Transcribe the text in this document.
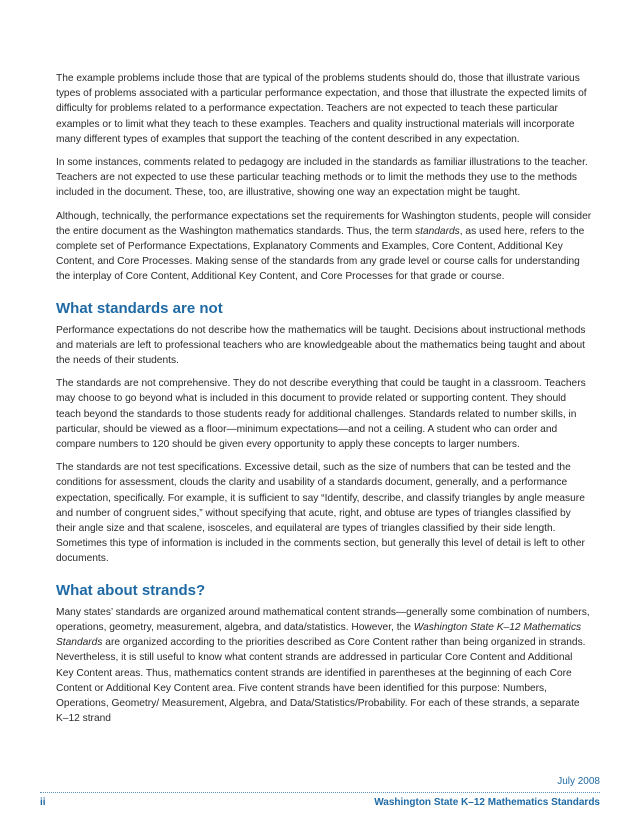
The example problems include those that are typical of the problems students should do, those that illustrate various types of problems associated with a particular performance expectation, and those that illustrate the expected limits of difficulty for problems related to a performance expectation. Teachers are not expected to teach these particular examples or to limit what they teach to these examples. Teachers and quality instructional materials will incorporate many different types of examples that support the teaching of the content described in any expectation.

In some instances, comments related to pedagogy are included in the standards as familiar illustrations to the teacher. Teachers are not expected to use these particular teaching methods or to limit the methods they use to the methods included in the document. These, too, are illustrative, showing one way an expectation might be taught.

Although, technically, the performance expectations set the requirements for Washington students, people will consider the entire document as the Washington mathematics standards. Thus, the term standards, as used here, refers to the complete set of Performance Expectations, Explanatory Comments and Examples, Core Content, Additional Key Content, and Core Processes. Making sense of the standards from any grade level or course calls for understanding the interplay of Core Content, Additional Key Content, and Core Processes for that grade or course.

What standards are not

Performance expectations do not describe how the mathematics will be taught. Decisions about instructional methods and materials are left to professional teachers who are knowledgeable about the mathematics being taught and about the needs of their students.

The standards are not comprehensive. They do not describe everything that could be taught in a classroom. Teachers may choose to go beyond what is included in this document to provide related or supporting content. They should teach beyond the standards to those students ready for additional challenges. Standards related to number skills, in particular, should be viewed as a floor—minimum expectations—and not a ceiling. A student who can order and compare numbers to 120 should be given every opportunity to apply these concepts to larger numbers.

The standards are not test specifications. Excessive detail, such as the size of numbers that can be tested and the conditions for assessment, clouds the clarity and usability of a standards document, generally, and a performance expectation, specifically. For example, it is sufficient to say “Identify, describe, and classify triangles by angle measure and number of congruent sides,” without specifying that acute, right, and obtuse are types of triangles classified by their angle size and that scalene, isosceles, and equilateral are types of triangles classified by their side length. Sometimes this type of information is included in the comments section, but generally this level of detail is left to other documents.

What about strands?

Many states’ standards are organized around mathematical content strands—generally some combination of numbers, operations, geometry, measurement, algebra, and data/statistics. However, the Washington State K–12 Mathematics Standards are organized according to the priorities described as Core Content rather than being organized in strands. Nevertheless, it is still useful to know what content strands are addressed in particular Core Content and Additional Key Content areas. Thus, mathematics content strands are identified in parentheses at the beginning of each Core Content or Additional Key Content area. Five content strands have been identified for this purpose: Numbers, Operations, Geometry/ Measurement, Algebra, and Data/Statistics/Probability. For each of these strands, a separate K–12 strand

July 2008
ii	Washington State K–12 Mathematics Standards
